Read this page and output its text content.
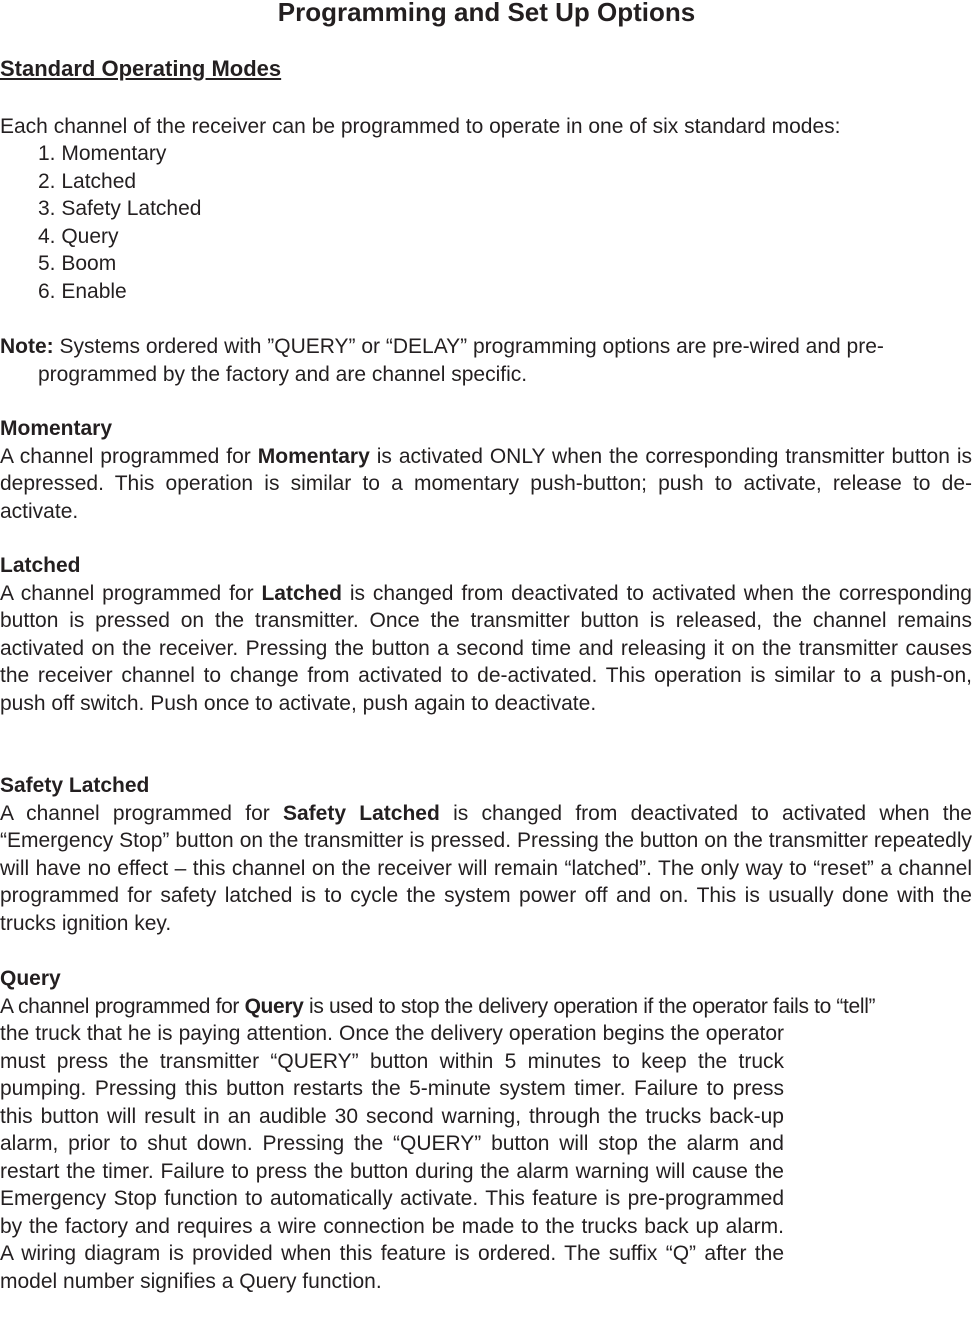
Programming and Set Up Options
Standard Operating Modes

Each channel of the receiver can be programmed to operate in one of six standard modes:

1. Momentary
2. Latched
3. Safety Latched
4. Query
5. Boom
6. Enable

Note: Systems ordered with ”QUERY” or “DELAY” programming options are pre-wired and pre-
programmed by the factory and are channel specific.

Momentary

A channel programmed for Momentary is activated ONLY when the corresponding transmitter button is depressed. This operation is similar to a momentary push-button; push to activate, release to de-activate.

Latched

A channel programmed for Latched is changed from deactivated to activated when the corresponding button is pressed on the transmitter. Once the transmitter button is released, the channel remains activated on the receiver. Pressing the button a second time and releasing it on the transmitter causes the receiver channel to change from activated to de-activated. This operation is similar to a push-on, push off switch. Push once to activate, push again to deactivate.

Safety Latched

A channel programmed for Safety Latched is changed from deactivated to activated when the “Emergency Stop” button on the transmitter is pressed. Pressing the button on the transmitter repeatedly will have no effect – this channel on the receiver will remain “latched”. The only way to “reset” a channel programmed for safety latched is to cycle the system power off and on. This is usually done with the trucks ignition key.

Query

A channel programmed for Query is used to stop the delivery operation if the operator fails to “tell”

the truck that he is paying attention. Once the delivery operation begins the operator must press the transmitter “QUERY” button within 5 minutes to keep the truck pumping. Pressing this button restarts the 5-minute system timer. Failure to press this button will result in an audible 30 second warning, through the trucks back-up alarm, prior to shut down. Pressing the “QUERY” button will stop the alarm and restart the timer. Failure to press the button during the alarm warning will cause the Emergency Stop function to automatically activate. This feature is pre-programmed by the factory and requires a wire connection be made to the trucks back up alarm. A wiring diagram is provided when this feature is ordered. The suffix “Q” after the model number signifies a Query function.
